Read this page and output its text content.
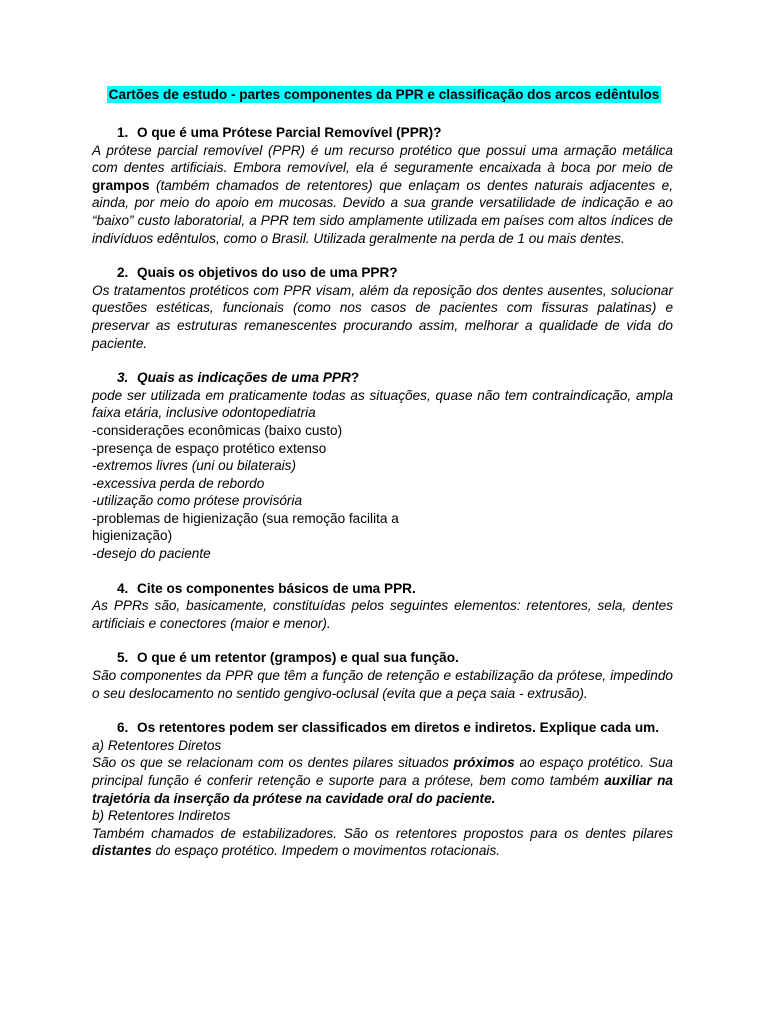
Cartões de estudo - partes componentes da PPR e classificação dos arcos edêntulos
1. O que é uma Prótese Parcial Removível (PPR)?

A prótese parcial removível (PPR) é um recurso protético que possui uma armação metálica com dentes artificiais. Embora removível, ela é seguramente encaixada à boca por meio de grampos (também chamados de retentores) que enlaçam os dentes naturais adjacentes e, ainda, por meio do apoio em mucosas. Devido a sua grande versatilidade de indicação e ao “baixo” custo laboratorial, a PPR tem sido amplamente utilizada em países com altos índices de indivíduos edêntulos, como o Brasil. Utilizada geralmente na perda de 1 ou mais dentes.

2. Quais os objetivos do uso de uma PPR?

Os tratamentos protéticos com PPR visam, além da reposição dos dentes ausentes, solucionar questões estéticas, funcionais (como nos casos de pacientes com fissuras palatinas) e preservar as estruturas remanescentes procurando assim, melhorar a qualidade de vida do paciente.

3. Quais as indicações de uma PPR?

pode ser utilizada em praticamente todas as situações, quase não tem contraindicação, ampla faixa etária, inclusive odontopediatria

-considerações econômicas (baixo custo)

-presença de espaço protético extenso

-extremos livres (uni ou bilaterais)

-excessiva perda de rebordo

-utilização como prótese provisória

-problemas de higienização (sua remoção facilita a higienização)

-desejo do paciente

4. Cite os componentes básicos de uma PPR.

As PPRs são, basicamente, constituídas pelos seguintes elementos: retentores, sela, dentes artificiais e conectores (maior e menor).

5. O que é um retentor (grampos) e qual sua função.

São componentes da PPR que têm a função de retenção e estabilização da prótese, impedindo o seu deslocamento no sentido gengivo-oclusal (evita que a peça saia - extrusão).

6. Os retentores podem ser classificados em diretos e indiretos. Explique cada um.

a) Retentores Diretos

São os que se relacionam com os dentes pilares situados próximos ao espaço protético. Sua principal função é conferir retenção e suporte para a prótese, bem como também auxiliar na trajetória da inserção da prótese na cavidade oral do paciente.

b) Retentores Indiretos

Também chamados de estabilizadores. São os retentores propostos para os dentes pilares distantes do espaço protético. Impedem o movimentos rotacionais.
